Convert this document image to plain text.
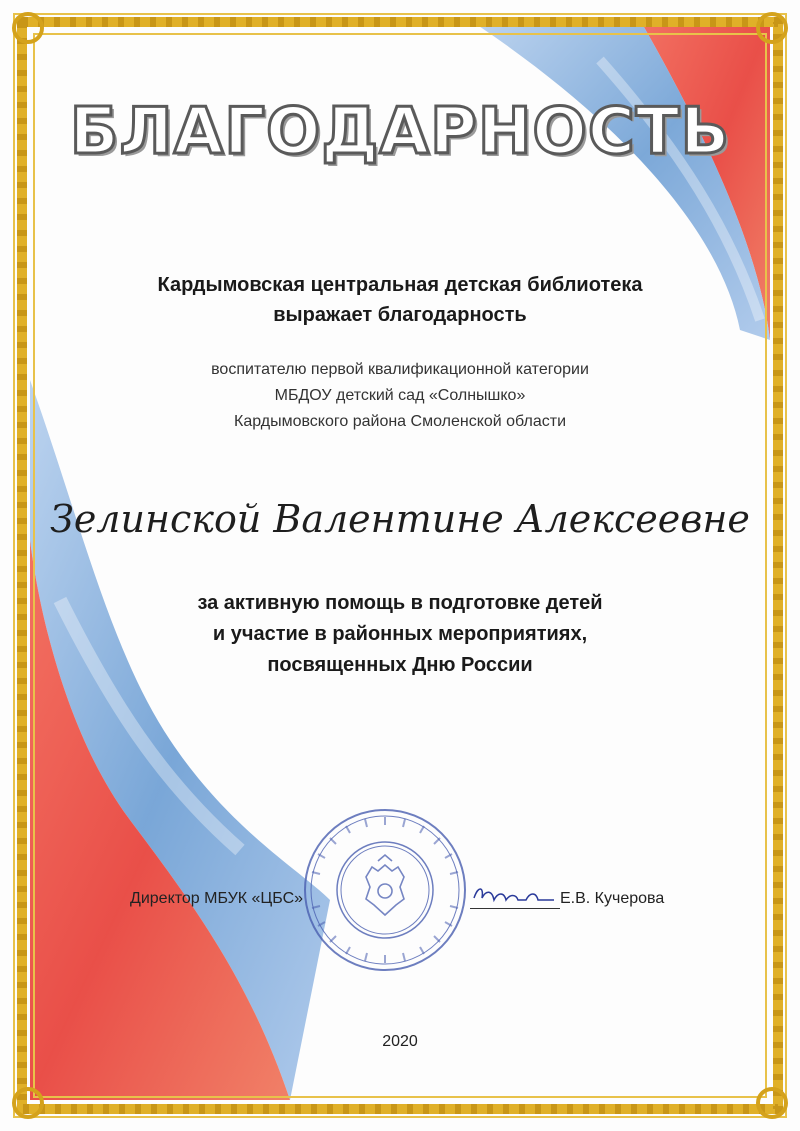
БЛАГОДАРНОСТЬ
Кардымовская центральная детская библиотека
выражает благодарность
воспитателю первой квалификационной категории
МБДОУ детский сад «Солнышко»
Кардымовского района Смоленской области
Зелинской Валентине Алексеевне
за активную помощь в подготовке детей
и участие в районных мероприятиях,
посвященных Дню России
Директор МБУК «ЦБС»	Е.В. Кучерова
2020
